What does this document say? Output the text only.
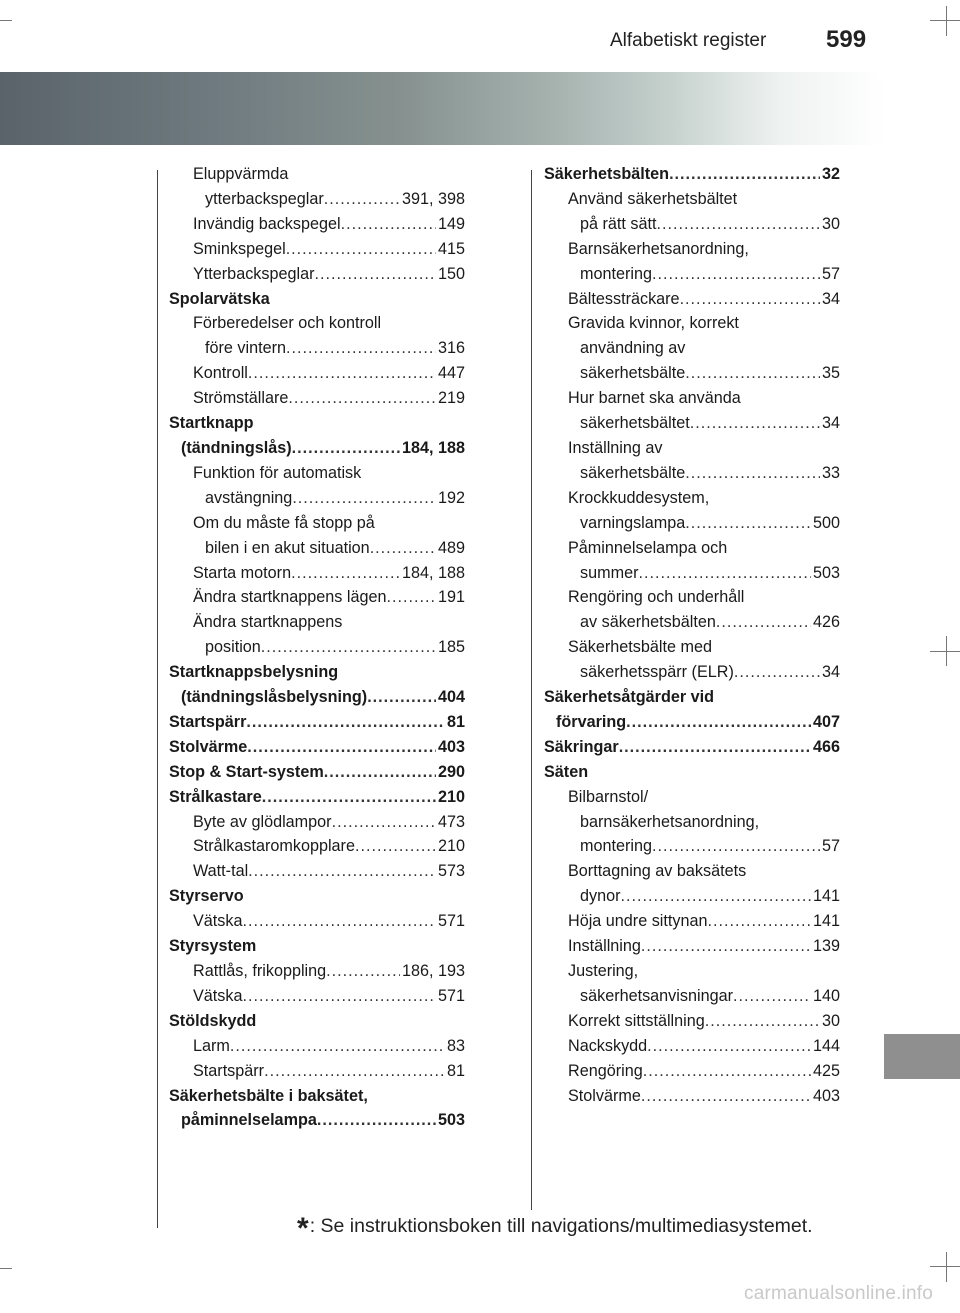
Alfabetiskt register 599
Eluppvärmda
ytterbackspeglar .....	391, 398
Invändig backspegel .....	149
Sminkspegel .....	415
Ytterbackspeglar .....	150
Spolarvätska
Förberedelser och kontroll
före vintern .....	316
Kontroll .....	447
Strömställare .....	219
Startknapp
(tändningslås) .....	184, 188
Funktion för automatisk
avstängning .....	192
Om du måste få stopp på
bilen i en akut situation .....	489
Starta motorn .....	184, 188
Ändra startknappens lägen .....	191
Ändra startknappens
position .....	185
Startknappsbelysning
(tändningslåsbelysning) .....	404
Startspärr .....	81
Stolvärme .....	403
Stop & Start-system .....	290
Strålkastare .....	210
Byte av glödlampor .....	473
Strålkastaromkopplare .....	210
Watt-tal .....	573
Styrservo
Vätska .....	571
Styrsystem
Rattlås, frikoppling .....	186, 193
Vätska .....	571
Stöldskydd
Larm .....	83
Startspärr .....	81
Säkerhetsbälte i baksätet,
påminnelselampa .....	503
Säkerhetsbälten .....	32
Använd säkerhetsbältet
på rätt sätt .....	30
Barnsäkerhetsanordning,
montering .....	57
Bältessträckare .....	34
Gravida kvinnor, korrekt
användning av
säkerhetsbälte .....	35
Hur barnet ska använda
säkerhetsbältet .....	34
Inställning av
säkerhetsbälte .....	33
Krockkuddesystem,
varningslampa .....	500
Påminnelselampa och
summer .....	503
Rengöring och underhåll
av säkerhetsbälten .....	426
Säkerhetsbälte med
säkerhetsspärr (ELR) .....	34
Säkerhetsåtgärder vid
förvaring .....	407
Säkringar .....	466
Säten
Bilbarnstol/
barnsäkerhetsanordning,
montering .....	57
Borttagning av baksätets
dynor .....	141
Höja undre sittynan .....	141
Inställning .....	139
Justering,
säkerhetsanvisningar .....	140
Korrekt sittställning .....	30
Nackskydd .....	144
Rengöring .....	425
Stolvärme .....	403
*: Se instruktionsboken till navigations/multimediasystemet.
carmanualsonline.info
